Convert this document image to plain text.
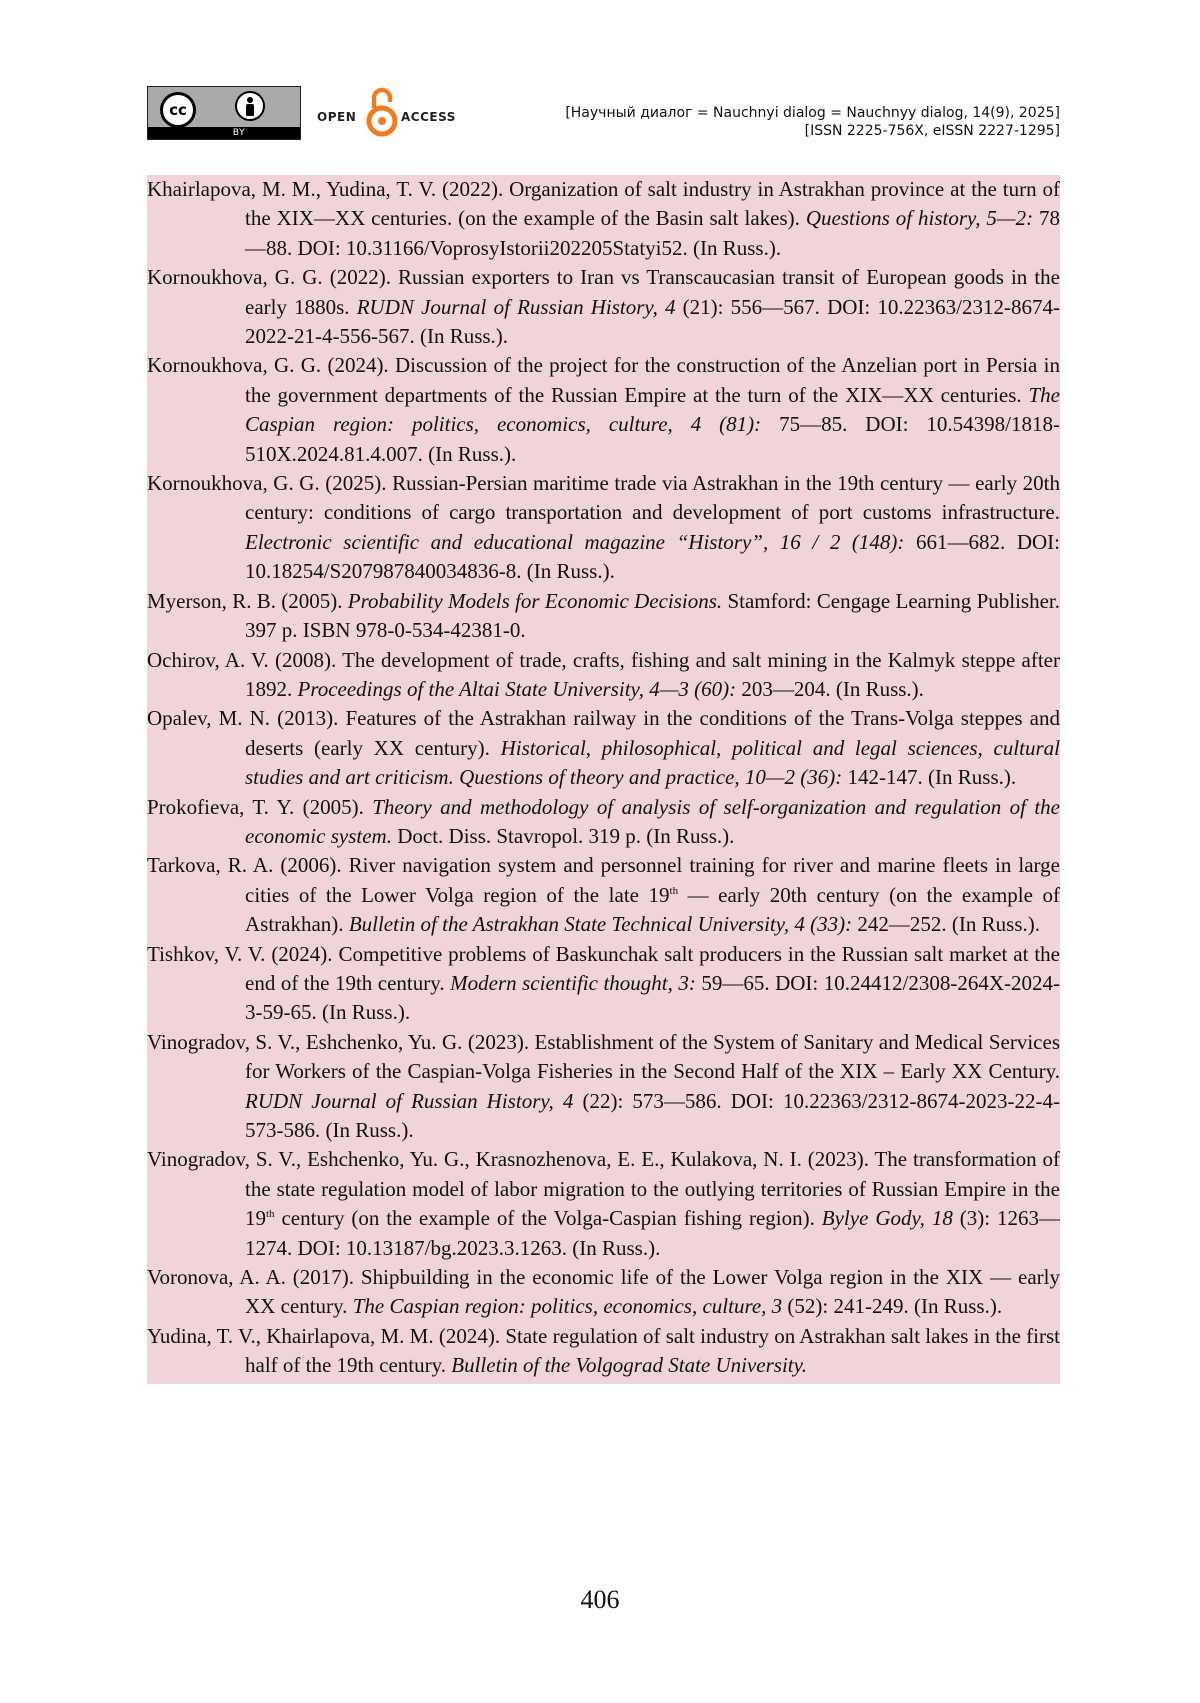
cc
BY
OPEN	ACCESS	[Научный диалог = Nauchnyi dialog = Nauchnyy dialog, 14(9), 2025]
[ISSN 2225-756X, eISSN 2227-1295]

Khairlapova, M. M., Yudina, T. V. (2022). Organization of salt industry in Astrakhan province at the turn of the XIX—XX centuries. (on the example of the Basin salt lakes). Questions of history, 5—2: 78—88. DOI: 10.31166/VoprosyIstorii202205Statyi52. (In Russ.).

Kornoukhova, G. G. (2022). Russian exporters to Iran vs Transcaucasian transit of European goods in the early 1880s. RUDN Journal of Russian History, 4 (21): 556—567. DOI: 10.22363/2312-8674-2022-21-4-556-567. (In Russ.).

Kornoukhova, G. G. (2024). Discussion of the project for the construction of the Anzelian port in Persia in the government departments of the Russian Empire at the turn of the XIX—XX centuries. The Caspian region: politics, economics, culture, 4 (81): 75—85. DOI: 10.54398/1818-510X.2024.81.4.007. (In Russ.).

Kornoukhova, G. G. (2025). Russian-Persian maritime trade via Astrakhan in the 19th century — early 20th century: conditions of cargo transportation and development of port customs infrastructure. Electronic scientific and educational magazine “History”, 16 / 2 (148): 661—682. DOI: 10.18254/S207987840034836-8. (In Russ.).

Myerson, R. B. (2005). Probability Models for Economic Decisions. Stamford: Cengage Learning Publisher. 397 p. ISBN 978-0-534-42381-0.

Ochirov, A. V. (2008). The development of trade, crafts, fishing and salt mining in the Kalmyk steppe after 1892. Proceedings of the Altai State University, 4—3 (60): 203—204. (In Russ.).

Opalev, M. N. (2013). Features of the Astrakhan railway in the conditions of the Trans-Volga steppes and deserts (early XX century). Historical, philosophical, political and legal sciences, cultural studies and art criticism. Questions of theory and practice, 10—2 (36): 142-147. (In Russ.).

Prokofieva, T. Y. (2005). Theory and methodology of analysis of self-organization and regulation of the economic system. Doct. Diss. Stavropol. 319 p. (In Russ.).

Tarkova, R. A. (2006). River navigation system and personnel training for river and marine fleets in large cities of the Lower Volga region of the late 19th — early 20th century (on the example of Astrakhan). Bulletin of the Astrakhan State Technical University, 4 (33): 242—252. (In Russ.).

Tishkov, V. V. (2024). Competitive problems of Baskunchak salt producers in the Russian salt market at the end of the 19th century. Modern scientific thought, 3: 59—65. DOI: 10.24412/2308-264X-2024-3-59-65. (In Russ.).

Vinogradov, S. V., Eshchenko, Yu. G. (2023). Establishment of the System of Sanitary and Medical Services for Workers of the Caspian-Volga Fisheries in the Second Half of the XIX – Early XX Century. RUDN Journal of Russian History, 4 (22): 573—586. DOI: 10.22363/2312-8674-2023-22-4-573-586. (In Russ.).

Vinogradov, S. V., Eshchenko, Yu. G., Krasnozhenova, E. E., Kulakova, N. I. (2023). The transformation of the state regulation model of labor migration to the outlying territories of Russian Empire in the 19th century (on the example of the Volga-Caspian fishing region). Bylye Gody, 18 (3): 1263—1274. DOI: 10.13187/bg.2023.3.1263. (In Russ.).

Voronova, A. A. (2017). Shipbuilding in the economic life of the Lower Volga region in the XIX — early XX century. The Caspian region: politics, economics, culture, 3 (52): 241-249. (In Russ.).

Yudina, T. V., Khairlapova, M. M. (2024). State regulation of salt industry on Astrakhan salt lakes in the first half of the 19th century. Bulletin of the Volgograd State University.

406
